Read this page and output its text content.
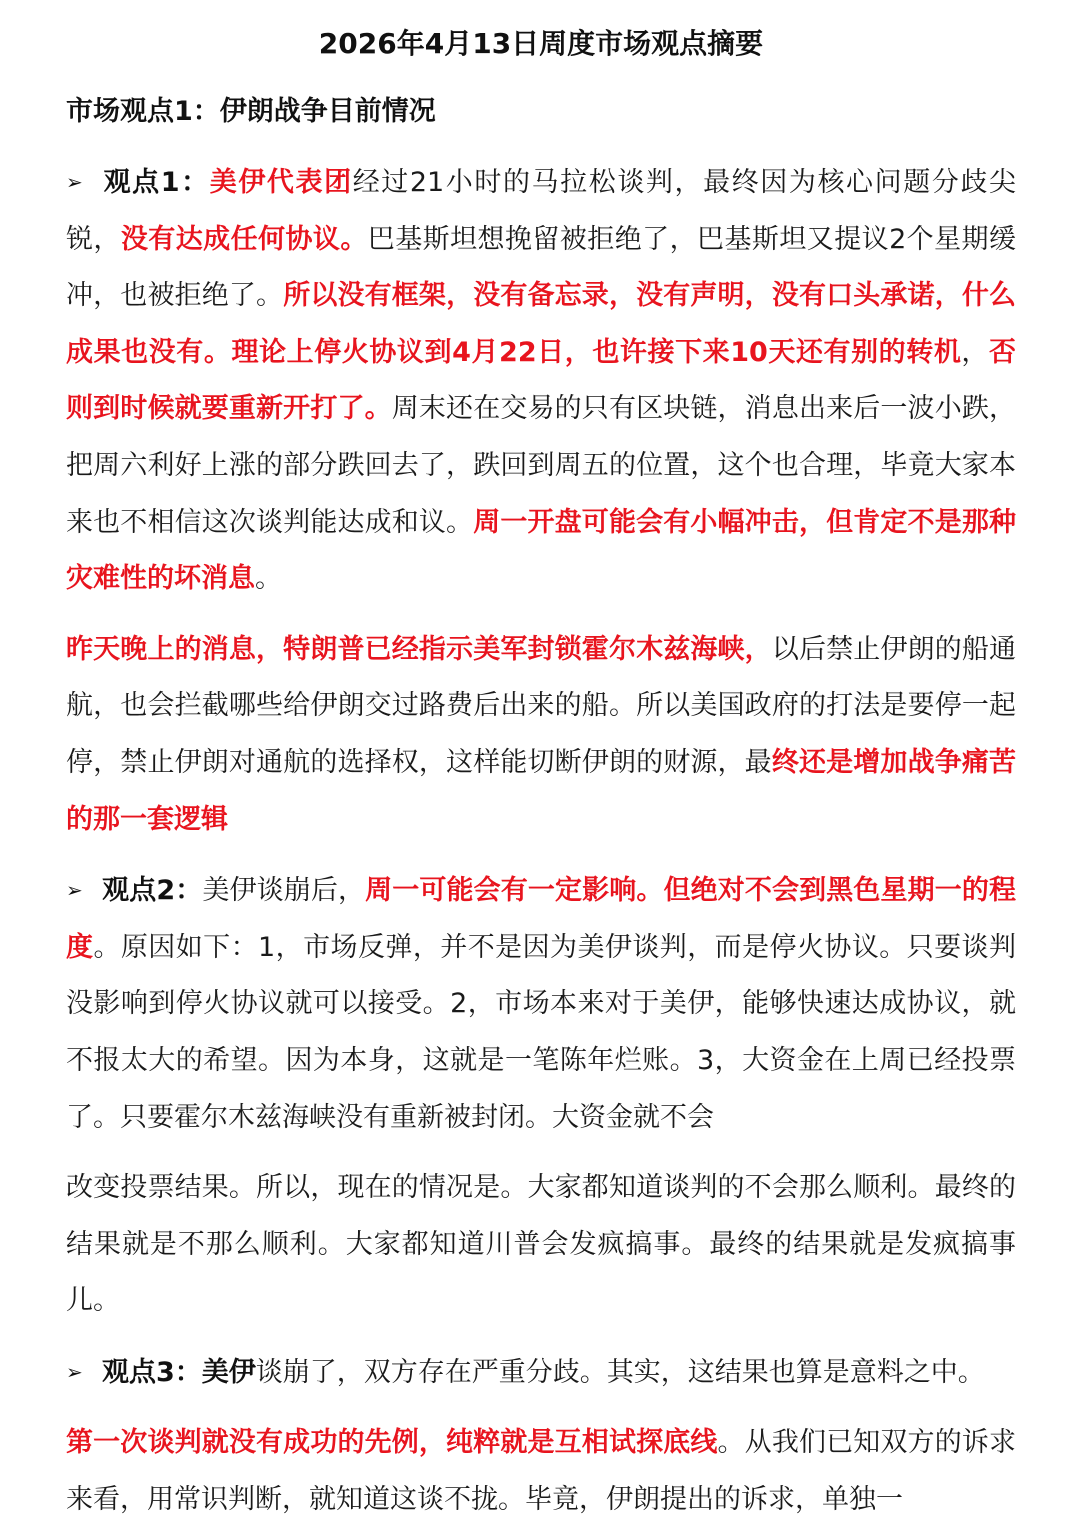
2026年4月13日周度市场观点摘要
市场观点1：伊朗战争目前情况

➢ 观点1：美伊代表团经过21小时的马拉松谈判，最终因为核心问题分歧尖锐，没有达成任何协议。巴基斯坦想挽留被拒绝了，巴基斯坦又提议2个星期缓冲，也被拒绝了。所以没有框架，没有备忘录，没有声明，没有口头承诺，什么成果也没有。理论上停火协议到4月22日，也许接下来10天还有别的转机，否则到时候就要重新开打了。周末还在交易的只有区块链，消息出来后一波小跌，把周六利好上涨的部分跌回去了，跌回到周五的位置，这个也合理，毕竟大家本来也不相信这次谈判能达成和议。周一开盘可能会有小幅冲击，但肯定不是那种灾难性的坏消息。

昨天晚上的消息，特朗普已经指示美军封锁霍尔木兹海峡，以后禁止伊朗的船通航，也会拦截哪些给伊朗交过路费后出来的船。所以美国政府的打法是要停一起停，禁止伊朗对通航的选择权，这样能切断伊朗的财源，最终还是增加战争痛苦的那一套逻辑

➢ 观点2：美伊谈崩后，周一可能会有一定影响。但绝对不会到黑色星期一的程度。原因如下：1，市场反弹，并不是因为美伊谈判，而是停火协议。只要谈判没影响到停火协议就可以接受。2，市场本来对于美伊，能够快速达成协议，就不报太大的希望。因为本身，这就是一笔陈年烂账。3，大资金在上周已经投票了。只要霍尔木兹海峡没有重新被封闭。大资金就不会

改变投票结果。所以，现在的情况是。大家都知道谈判的不会那么顺利。最终的结果就是不那么顺利。大家都知道川普会发疯搞事。最终的结果就是发疯搞事儿。

➢ 观点3：美伊谈崩了，双方存在严重分歧。其实，这结果也算是意料之中。

第一次谈判就没有成功的先例，纯粹就是互相试探底线。从我们已知双方的诉求来看，用常识判断，就知道这谈不拢。毕竟，伊朗提出的诉求，单独一
